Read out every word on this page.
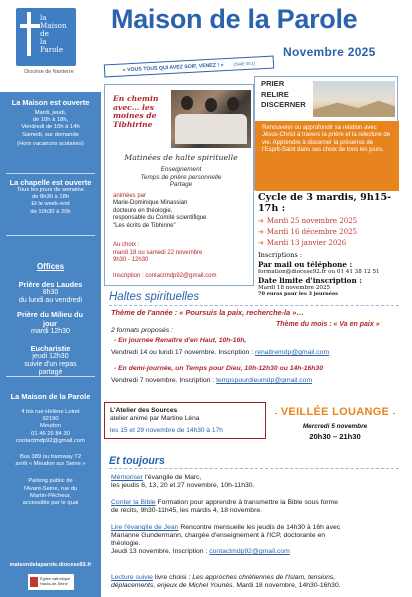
la
Maison
de
la
Parole
Diocèse de Nanterre
La Maison est ouverte
Mardi, jeudi,
de 10h à 18h,
Vendredi de 10h à 14h
Samedi, sur demande
(Hors vacances scolaires)
La chapelle est ouverte
Tous les jours de semaine
de 8h30 à 18h
Et le week-end
de 10h30 à 20h
Offices
Prière des Laudes
8h30
du lundi au vendredi
Prière du Milieu du jour
mardi 12h30
Eucharistie
jeudi 12h30
suivie d'un repas
partagé
La Maison de la Parole
4 bis rue Hélène Loiret
92190
Meudon
01 46 26 84 30
contactmdp92@gmail.com
Bus 389 ou tramway T2
arrêt « Meudon sur Seine »
Parking public de
l'Avant-Seine, rue du
Martin-Pêcheur,
accessible par le quai
maisondelaparole.diocese92.fr
Église catholique
Hauts-de-Seine
Maison de la Parole
Novembre 2025
« VOUS TOUS QUI AVEZ SOIF, VENEZ ! » (ISAIE 55,1)
En chemin avec… les moines de Tibhirine
Matinées de halte spirituelle
Enseignement
Temps de prière personnelle
Partage
animées par
Marie-Dominique Minassian
docteure en théologie,
responsable du Comité scientifique
"Les écrits de Tibhirine"
Au choix :
mardi 18 ou samedi 22 novembre
9h30 - 12h30
Inscription : contactmdp92@gmail.com
PRIER
RELIRE
DISCERNER
Renouveler ou approfondir sa relation avec Jésus-Christ à travers la prière et la relecture de vie. Apprendre à discerner la présence de l'Esprit-Saint dans ses choix de tous les jours.
Cycle de 3 mardis, 9h15-17h :
➜ Mardi 25 novembre 2025
➜ Mardi 16 décembre 2025
➜ Mardi 13 janvier 2026
Inscriptions :
Par mail ou téléphone :
formation@diocese92.fr ou 01 41 38 12 51
Date limite d'inscription :
Mardi 18 novembre 2025
70 euros pour les 3 journées
Haltes spirituelles
Thème de l'année : « Poursuis la paix, recherche-la »…
Thème du mois : « Va en paix »
2 formats proposés :
- En journée Renaître d'en Haut, 10h-16h,
Vendredi 14 ou lundi 17 novembre. Inscription : renaitremdp@gmail.com
- En demi-journée, un Temps pour Dieu, 10h-12h30 ou 14h-16h30
Vendredi 7 novembre. Inscription : tempspourdieumdp@gmail.com
L'Atelier des Sources
atelier animé par Martine Léna
les 15 et 29 novembre de 14h30 à 17h
VEILLÉE LOUANGE
Mercredi 5 novembre
20h30 – 21h30
Et toujours
Mémoriser l'évangile de Marc,
les jeudis 6, 13, 20 et 27 novembre, 10h-11h30.
Conter la Bible Formation pour apprendre à transmettre la Bible sous forme
de récits, 9h30-11h45, les mardis 4, 18 novembre.
Lire l'évangile de Jean Rencontre mensuelle les jeudis de 14h30 à 16h avec
Marianne Gundermann, chargée d'enseignement à l'ICP, doctorante en
théologie.
Jeudi 13 novembre. Inscription : contactmdp92@gmail.com
Lecture suivie livre choisi : Les approches chrétiennes de l'Islam, tensions,
déplacements, enjeux de Michel Younès. Mardi 18 novembre, 14h30-16h30.
